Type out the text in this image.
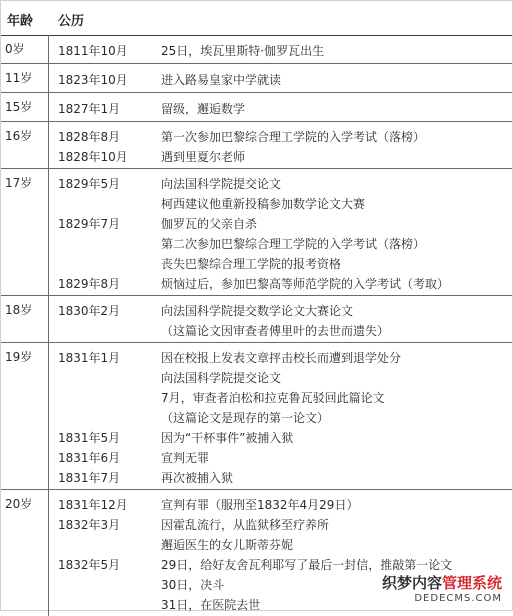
年龄 公历
0岁	1811年10月	25日，埃瓦里斯特·伽罗瓦出生
11岁 1823年10月	进入路易皇家中学就读
15岁 1827年1月	留级，邂逅数学
16岁 1828年8月	第一次参加巴黎综合理工学院的入学考试（落榜）
1828年10月	遇到里夏尔老师
17岁 1829年5月	向法国科学院提交论文
柯西建议他重新投稿参加数学论文大赛
1829年7月	伽罗瓦的父亲自杀
第二次参加巴黎综合理工学院的入学考试（落榜）
丧失巴黎综合理工学院的报考资格
1829年8月	烦恼过后，参加巴黎高等师范学院的入学考试（考取）
18岁 1830年2月	向法国科学院提交数学论文大赛论文
（这篇论文因审查者傅里叶的去世而遗失）
19岁 1831年1月	因在校报上发表文章抨击校长而遭到退学处分
向法国科学院提交论文
7月，审查者泊松和拉克鲁瓦驳回此篇论文
（这篇论文是现存的第一论文）
1831年5月	因为“干杯事件”被捕入狱
1831年6月	宣判无罪
1831年7月	再次被捕入狱
20岁 1831年12月	宣判有罪（服刑至1832年4月29日）
1832年3月	因霍乱流行，从监狱移至疗养所
邂逅医生的女儿斯蒂芬妮
1832年5月	29日，给好友舍瓦利耶写了最后一封信，推敲第一论文
30日，决斗
31日，在医院去世
织梦内容管理系统
DEDECMS.COM
